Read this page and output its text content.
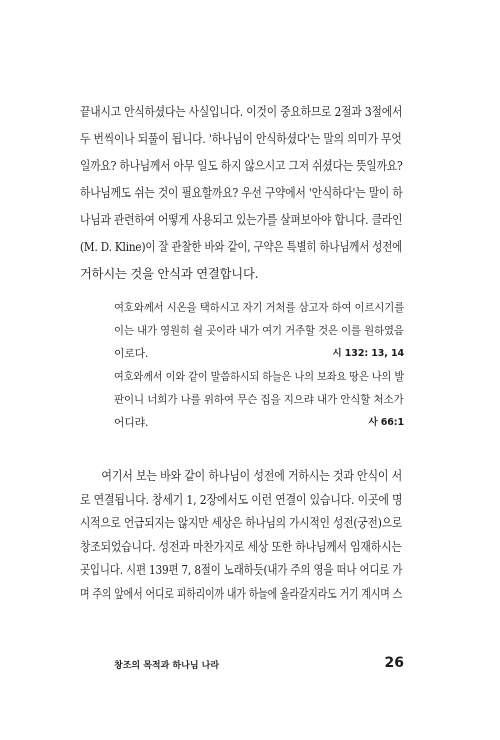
끝내시고 안식하셨다는 사실입니다. 이것이 중요하므로 2절과 3절에서
두 번씩이나 되풀이 됩니다. '하나님이 안식하셨다'는 말의 의미가 무엇
일까요? 하나님께서 아무 일도 하지 않으시고 그저 쉬셨다는 뜻일까요?
하나님께도 쉬는 것이 필요할까요? 우선 구약에서 '안식하다'는 말이 하
나님과 관련하여 어떻게 사용되고 있는가를 살펴보아야 합니다. 클라인
(M. D. Kline)이 잘 관찰한 바와 같이, 구약은 특별히 하나님께서 성전에
거하시는 것을 안식과 연결합니다.
여호와께서 시온을 택하시고 자기 거처를 삼고자 하여 이르시기를
이는 내가 영원히 쉴 곳이라 내가 여기 거주할 것은 이를 원하였음
이로다.	시 132: 13, 14
여호와께서 이와 같이 말씀하시되 하늘은 나의 보좌요 땅은 나의 발
판이니 너희가 나를 위하여 무슨 집을 지으랴 내가 안식할 처소가
어디랴.	사 66:1
여기서 보는 바와 같이 하나님이 성전에 거하시는 것과 안식이 서
로 연결됩니다. 창세기 1, 2장에서도 이런 연결이 있습니다. 이곳에 명
시적으로 언급되지는 않지만 세상은 하나님의 가시적인 성전(궁전)으로
창조되었습니다. 성전과 마찬가지로 세상 또한 하나님께서 임재하시는
곳입니다. 시편 139편 7, 8절이 노래하듯(내가 주의 영을 떠나 어디로 가
며 주의 앞에서 어디로 피하리이까 내가 하늘에 올라갈지라도 거기 계시며 스
창조의 목적과 하나님 나라	26
